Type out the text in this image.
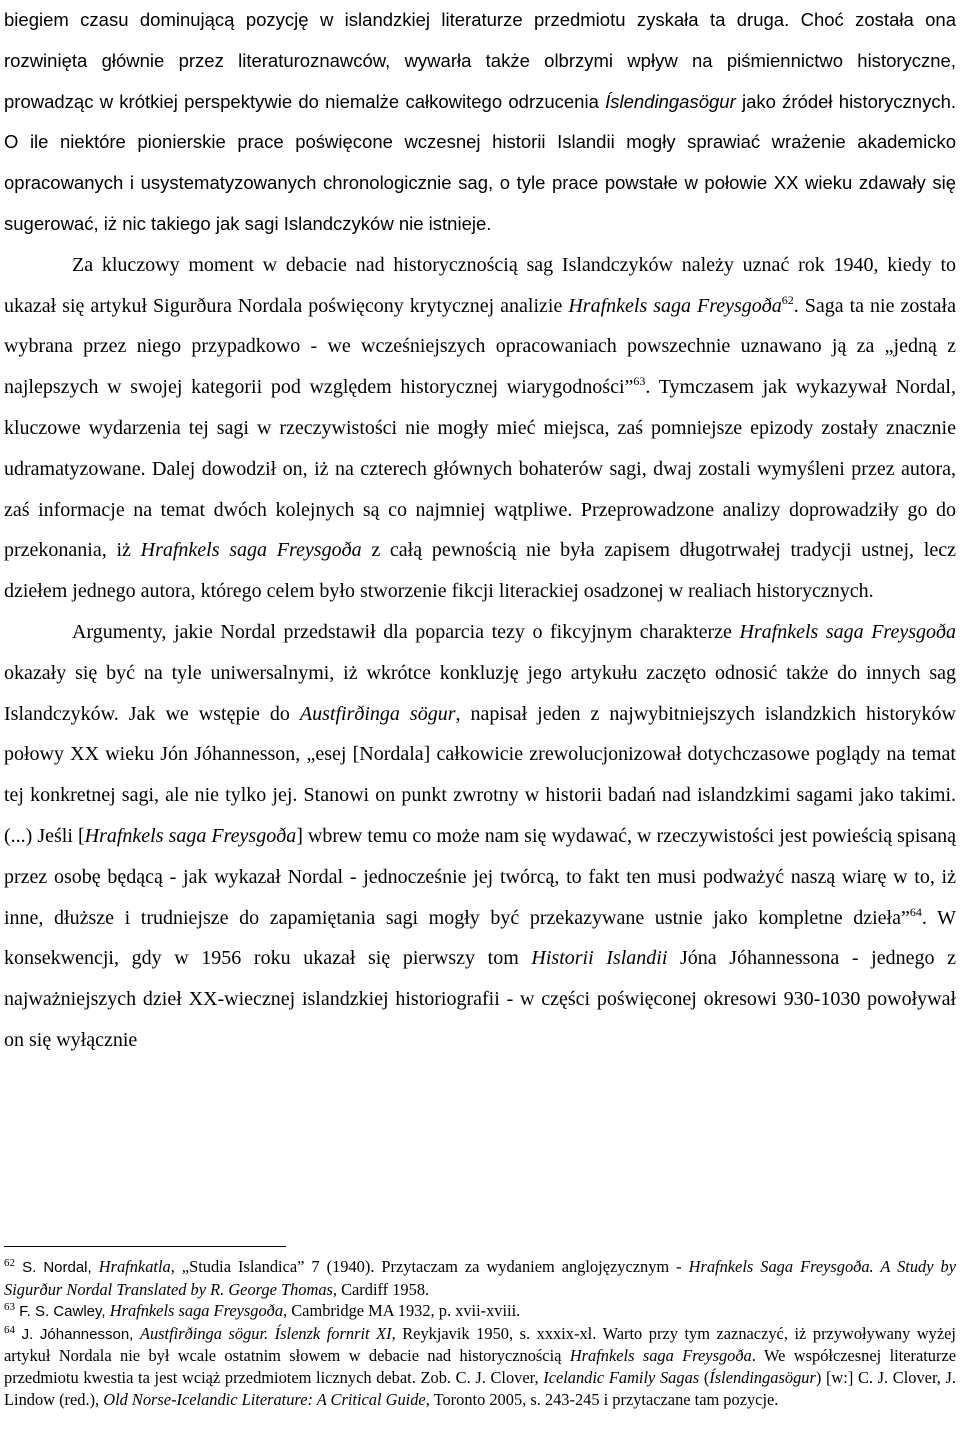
biegiem czasu dominującą pozycję w islandzkiej literaturze przedmiotu zyskała ta druga. Choć została ona rozwinięta głównie przez literaturoznawców, wywarła także olbrzymi wpływ na piśmiennictwo historyczne, prowadząc w krótkiej perspektywie do niemalże całkowitego odrzucenia Íslendingasögur jako źródeł historycznych. O ile niektóre pionierskie prace poświęcone wczesnej historii Islandii mogły sprawiać wrażenie akademicko opracowanych i usystematyzowanych chronologicznie sag, o tyle prace powstałe w połowie XX wieku zdawały się sugerować, iż nic takiego jak sagi Islandczyków nie istnieje.

Za kluczowy moment w debacie nad historycznością sag Islandczyków należy uznać rok 1940, kiedy to ukazał się artykuł Sigurðura Nordala poświęcony krytycznej analizie Hrafnkels saga Freysgoða$^{62}$. Saga ta nie została wybrana przez niego przypadkowo - we wcześniejszych opracowaniach powszechnie uznawano ją za „jedną z najlepszych w swojej kategorii pod względem historycznej wiarygodności”$^{63}$. Tymczasem jak wykazywał Nordal, kluczowe wydarzenia tej sagi w rzeczywistości nie mogły mieć miejsca, zaś pomniejsze epizody zostały znacznie udramatyzowane. Dalej dowodził on, iż na czterech głównych bohaterów sagi, dwaj zostali wymyśleni przez autora, zaś informacje na temat dwóch kolejnych są co najmniej wątpliwe. Przeprowadzone analizy doprowadziły go do przekonania, iż Hrafnkels saga Freysgoða z całą pewnością nie była zapisem długotrwałej tradycji ustnej, lecz dziełem jednego autora, którego celem było stworzenie fikcji literackiej osadzonej w realiach historycznych.

Argumenty, jakie Nordal przedstawił dla poparcia tezy o fikcyjnym charakterze Hrafnkels saga Freysgoða okazały się być na tyle uniwersalnymi, iż wkrótce konkluzję jego artykułu zaczęto odnosić także do innych sag Islandczyków. Jak we wstępie do Austfirðinga sögur, napisał jeden z najwybitniejszych islandzkich historyków połowy XX wieku Jón Jóhannesson, „esej [Nordala] całkowicie zrewolucjonizował dotychczasowe poglądy na temat tej konkretnej sagi, ale nie tylko jej. Stanowi on punkt zwrotny w historii badań nad islandzkimi sagami jako takimi. (...) Jeśli [Hrafnkels saga Freysgoða] wbrew temu co może nam się wydawać, w rzeczywistości jest powieścią spisaną przez osobę będącą - jak wykazał Nordal - jednocześnie jej twórcą, to fakt ten musi podważyć naszą wiarę w to, iż inne, dłuższe i trudniejsze do zapamiętania sagi mogły być przekazywane ustnie jako kompletne dzieła”$^{64}$. W konsekwencji, gdy w 1956 roku ukazał się pierwszy tom Historii Islandii Jóna Jóhannessona - jednego z najważniejszych dzieł XX-wiecznej islandzkiej historiografii - w części poświęconej okresowi 930-1030 powoływał on się wyłącznie

$^{62}$ S. Nordal, Hrafnkatla, „Studia Islandica” 7 (1940). Przytaczam za wydaniem anglojęzycznym - Hrafnkels Saga Freysgoða. A Study by Sigurður Nordal Translated by R. George Thomas, Cardiff 1958.

$^{63}$ F. S. Cawley, Hrafnkels saga Freysgoða, Cambridge MA 1932, p. xvii-xviii.

$^{64}$ J. Jóhannesson, Austfirðinga sögur. Íslenzk fornrit XI, Reykjavik 1950, s. xxxix-xl. Warto przy tym zaznaczyć, iż przywoływany wyżej artykuł Nordala nie był wcale ostatnim słowem w debacie nad historycznością Hrafnkels saga Freysgoða. We współczesnej literaturze przedmiotu kwestia ta jest wciąż przedmiotem licznych debat. Zob. C. J. Clover, Icelandic Family Sagas (Íslendingasögur) [w:] C. J. Clover, J. Lindow (red.), Old Norse-Icelandic Literature: A Critical Guide, Toronto 2005, s. 243-245 i przytaczane tam pozycje.
